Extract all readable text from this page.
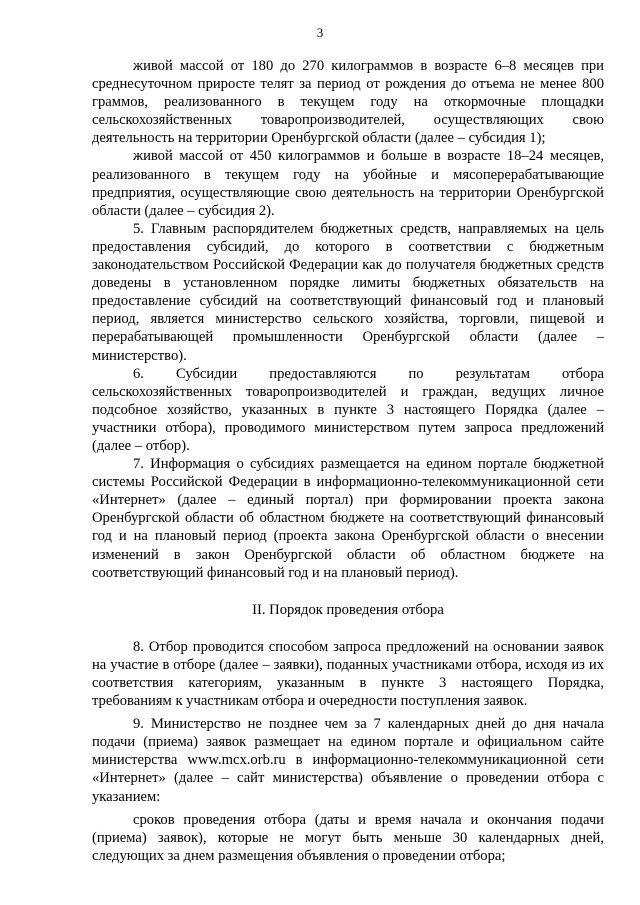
3

живой массой от 180 до 270 килограммов в возрасте 6–8 месяцев при среднесуточном приросте телят за период от рождения до отъема не менее 800 граммов, реализованного в текущем году на откормочные площадки сельскохозяйственных товаропроизводителей, осуществляющих свою деятельность на территории Оренбургской области (далее – субсидия 1);

живой массой от 450 килограммов и больше в возрасте 18–24 месяцев, реализованного в текущем году на убойные и мясоперерабатывающие предприятия, осуществляющие свою деятельность на территории Оренбургской области (далее – субсидия 2).

5. Главным распорядителем бюджетных средств, направляемых на цель предоставления субсидий, до которого в соответствии с бюджетным законодательством Российской Федерации как до получателя бюджетных средств доведены в установленном порядке лимиты бюджетных обязательств на предоставление субсидий на соответствующий финансовый год и плановый период, является министерство сельского хозяйства, торговли, пищевой и перерабатывающей промышленности Оренбургской области (далее – министерство).

6. Субсидии предоставляются по результатам отбора сельскохозяйственных товаропроизводителей и граждан, ведущих личное подсобное хозяйство, указанных в пункте 3 настоящего Порядка (далее – участники отбора), проводимого министерством путем запроса предложений (далее – отбор).

7. Информация о субсидиях размещается на едином портале бюджетной системы Российской Федерации в информационно-телекоммуникационной сети «Интернет» (далее – единый портал) при формировании проекта закона Оренбургской области об областном бюджете на соответствующий финансовый год и на плановый период (проекта закона Оренбургской области о внесении изменений в закон Оренбургской области об областном бюджете на соответствующий финансовый год и на плановый период).

II. Порядок проведения отбора

8. Отбор проводится способом запроса предложений на основании заявок на участие в отборе (далее – заявки), поданных участниками отбора, исходя из их соответствия категориям, указанным в пункте 3 настоящего Порядка, требованиям к участникам отбора и очередности поступления заявок.

9. Министерство не позднее чем за 7 календарных дней до дня начала подачи (приема) заявок размещает на едином портале и официальном сайте министерства www.mcx.orb.ru в информационно-телекоммуникационной сети «Интернет» (далее – сайт министерства) объявление о проведении отбора с указанием:

сроков проведения отбора (даты и время начала и окончания подачи (приема) заявок), которые не могут быть меньше 30 календарных дней, следующих за днем размещения объявления о проведении отбора;
